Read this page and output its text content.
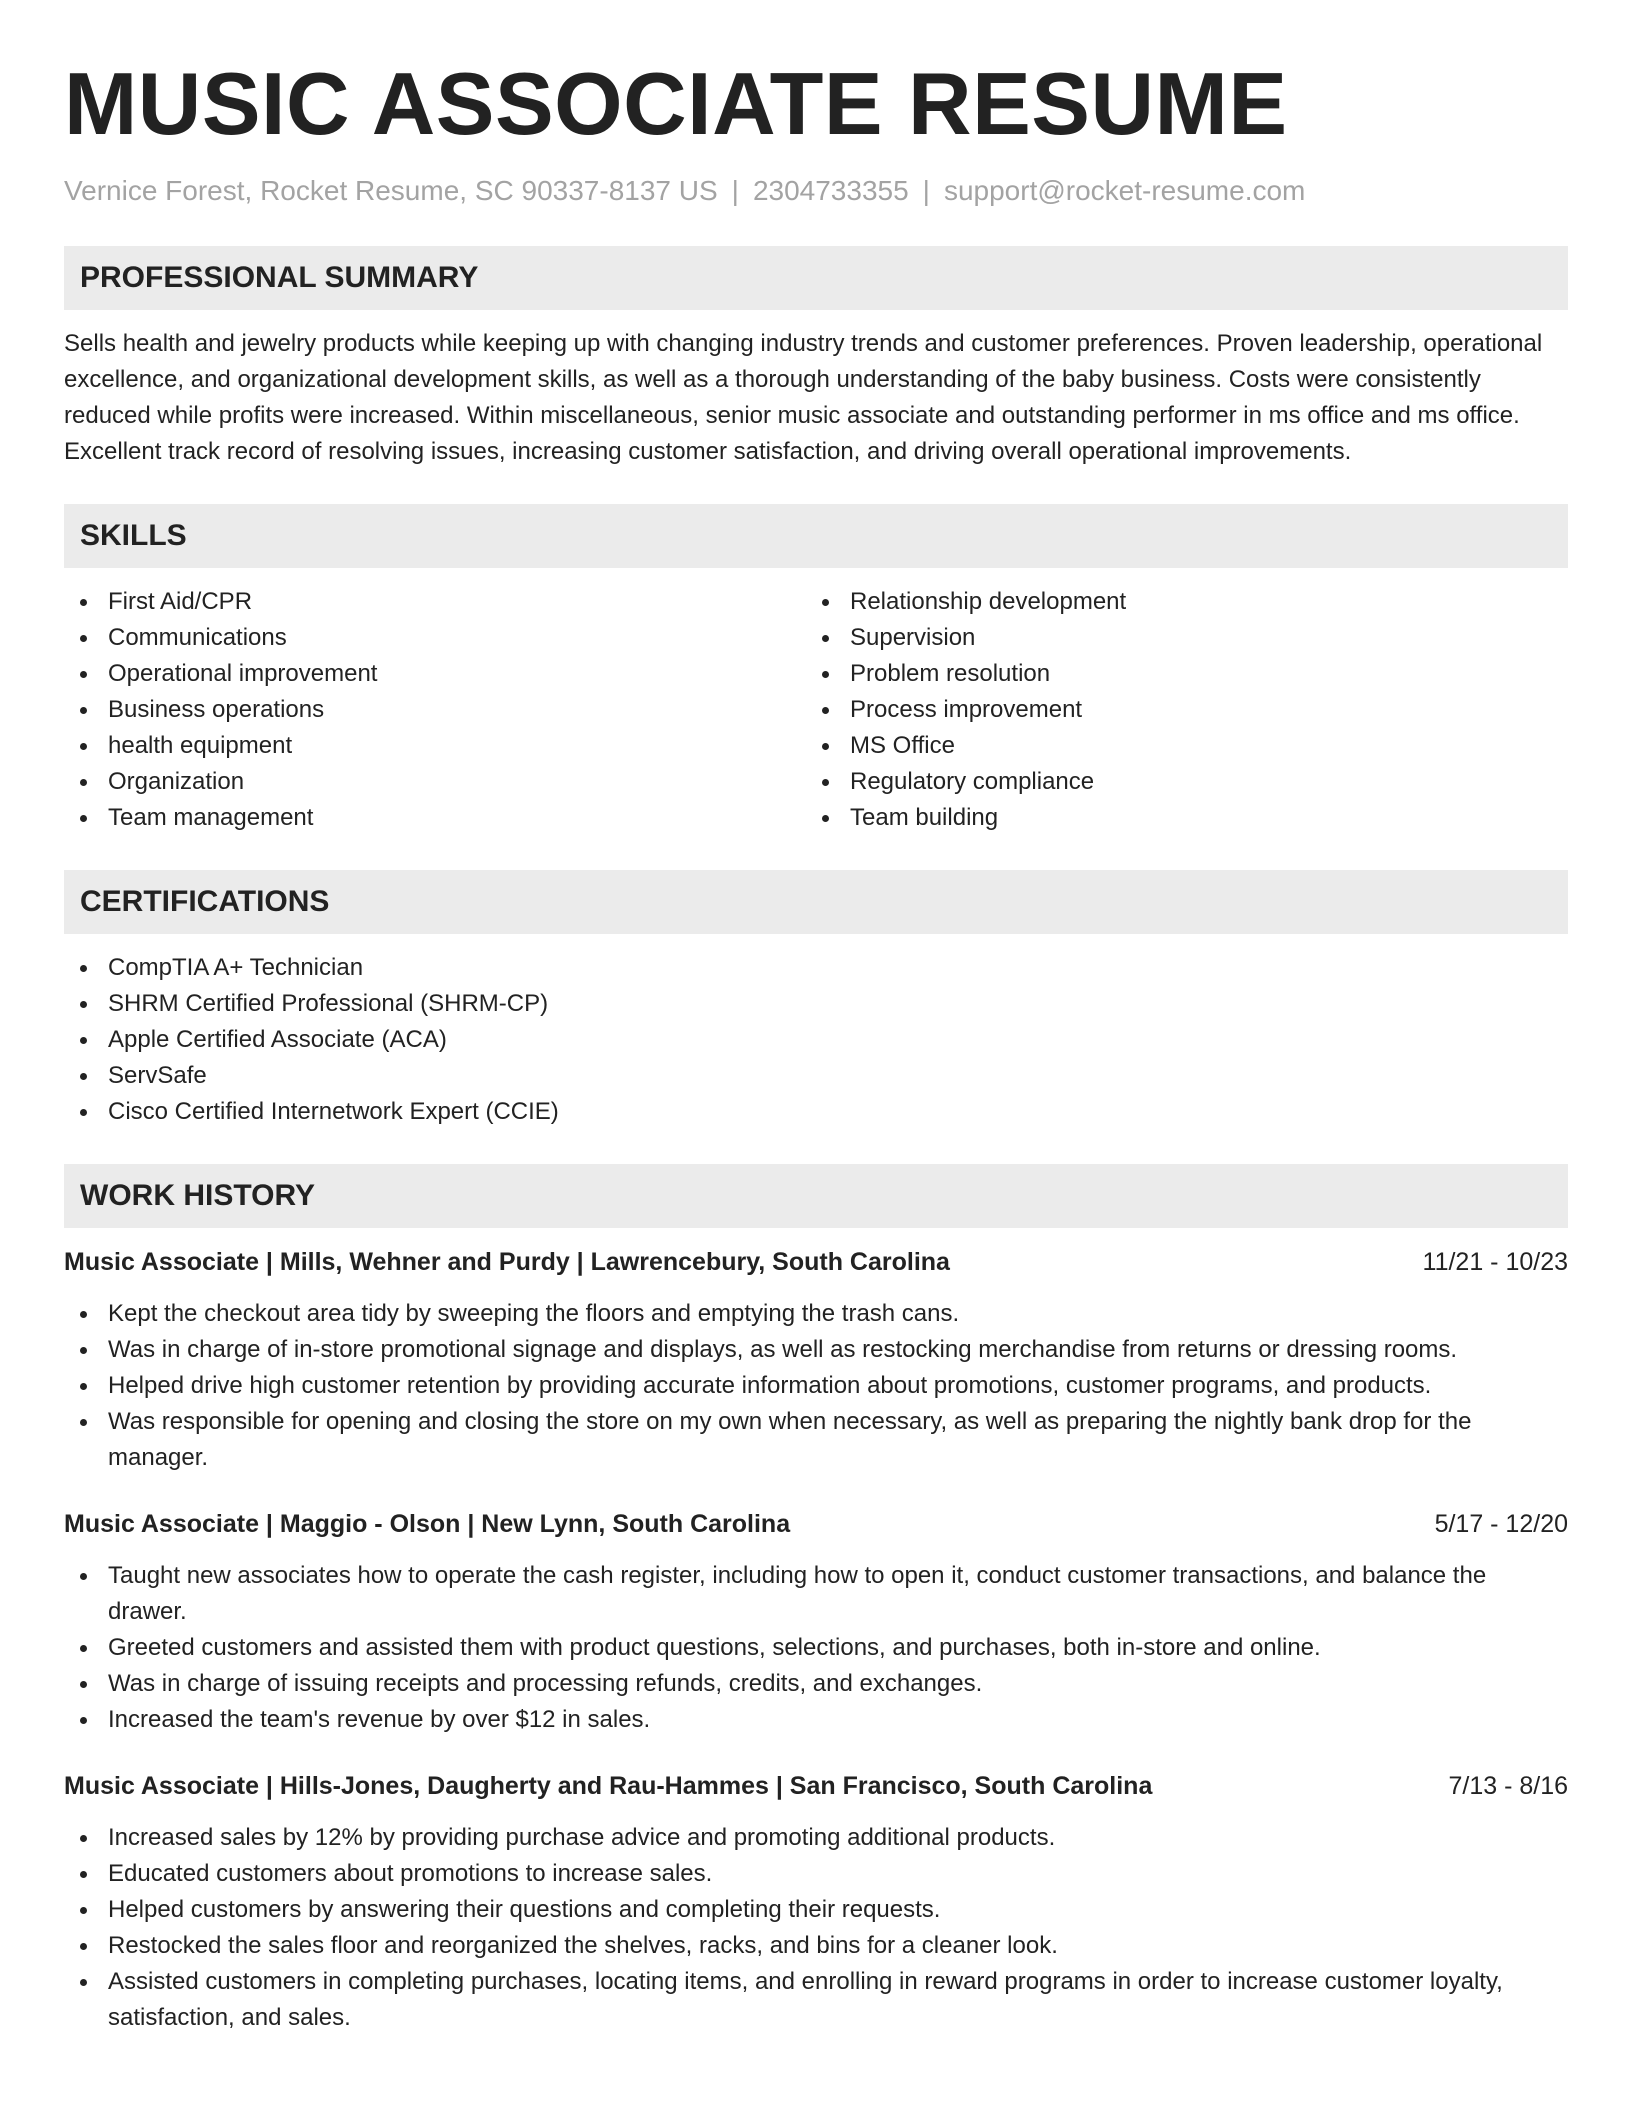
MUSIC ASSOCIATE RESUME
Vernice Forest, Rocket Resume, SC 90337-8137 US | 2304733355 | support@rocket-resume.com
PROFESSIONAL SUMMARY

Sells health and jewelry products while keeping up with changing industry trends and customer preferences. Proven leadership, operational excellence, and organizational development skills, as well as a thorough understanding of the baby business. Costs were consistently reduced while profits were increased. Within miscellaneous, senior music associate and outstanding performer in ms office and ms office. Excellent track record of resolving issues, increasing customer satisfaction, and driving overall operational improvements.

SKILLS
First Aid/CPR
Communications
Operational improvement
Business operations
health equipment
Organization
Team management
Relationship development
Supervision
Problem resolution
Process improvement
MS Office
Regulatory compliance
Team building
CERTIFICATIONS
CompTIA A+ Technician
SHRM Certified Professional (SHRM-CP)
Apple Certified Associate (ACA)
ServSafe
Cisco Certified Internetwork Expert (CCIE)
WORK HISTORY
Music Associate | Mills, Wehner and Purdy | Lawrencebury, South Carolina	11/21 - 10/23
Kept the checkout area tidy by sweeping the floors and emptying the trash cans.
Was in charge of in-store promotional signage and displays, as well as restocking merchandise from returns or dressing rooms.
Helped drive high customer retention by providing accurate information about promotions, customer programs, and products.
Was responsible for opening and closing the store on my own when necessary, as well as preparing the nightly bank drop for the manager.
Music Associate | Maggio - Olson | New Lynn, South Carolina	5/17 - 12/20
Taught new associates how to operate the cash register, including how to open it, conduct customer transactions, and balance the drawer.
Greeted customers and assisted them with product questions, selections, and purchases, both in-store and online.
Was in charge of issuing receipts and processing refunds, credits, and exchanges.
Increased the team's revenue by over $12 in sales.
Music Associate | Hills-Jones, Daugherty and Rau-Hammes | San Francisco, South Carolina	7/13 - 8/16
Increased sales by 12% by providing purchase advice and promoting additional products.
Educated customers about promotions to increase sales.
Helped customers by answering their questions and completing their requests.
Restocked the sales floor and reorganized the shelves, racks, and bins for a cleaner look.
Assisted customers in completing purchases, locating items, and enrolling in reward programs in order to increase customer loyalty, satisfaction, and sales.
